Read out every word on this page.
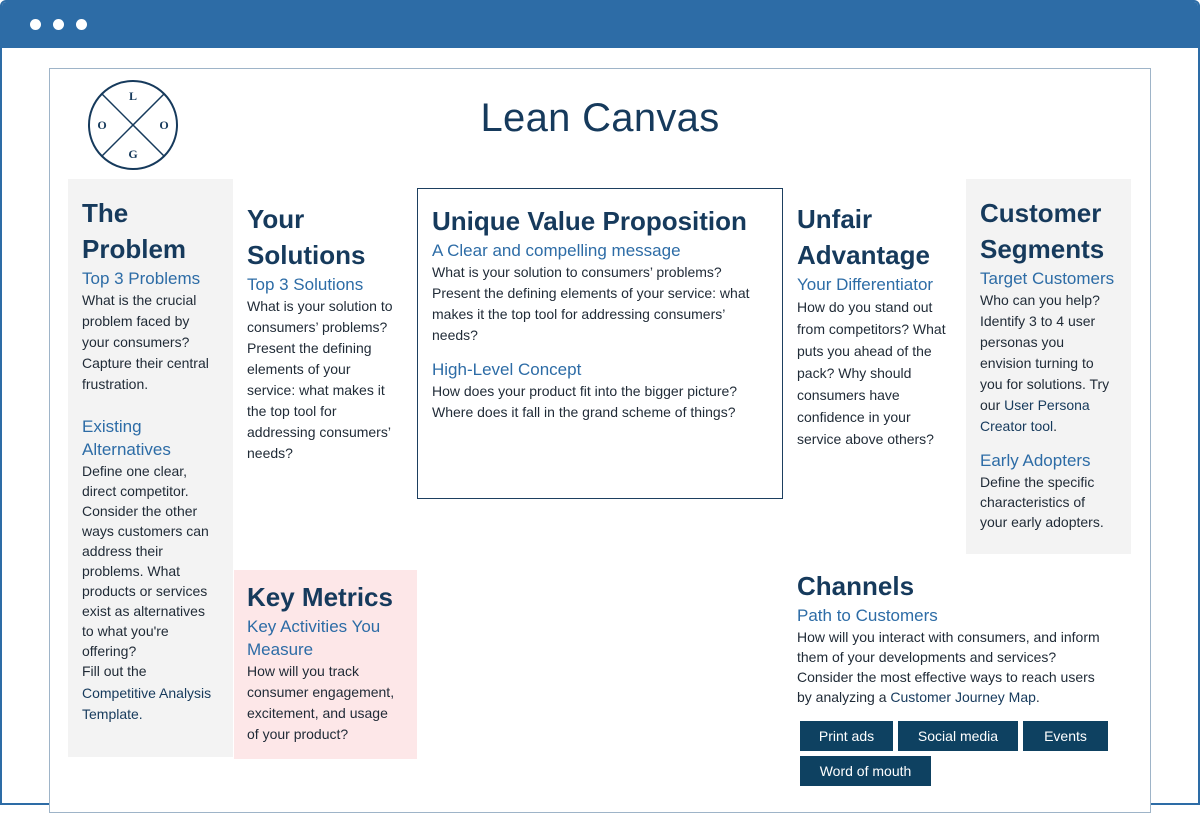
L
O	O
G
Lean Canvas
The
Problem
Top 3 Problems
What is the crucial
problem faced by
your consumers?
Capture their central
frustration.
Existing
Alternatives
Define one clear,
direct competitor.
Consider the other
ways customers can
address their
problems. What
products or services
exist as alternatives
to what you're
offering?
Fill out the
Competitive Analysis
Template.
Your
Solutions
Top 3 Solutions
What is your solution to
consumers’ problems?
Present the defining
elements of your
service: what makes it
the top tool for
addressing consumers’
needs?
Unique Value Proposition
A Clear and compelling message
What is your solution to consumers’ problems?
Present the defining elements of your service: what
makes it the top tool for addressing consumers’
needs?
High-Level Concept
How does your product fit into the bigger picture?
Where does it fall in the grand scheme of things?
Unfair
Advantage
Your Differentiator
How do you stand out
from competitors? What
puts you ahead of the
pack? Why should
consumers have
confidence in your
service above others?
Customer
Segments
Target Customers
Who can you help?
Identify 3 to 4 user
personas you
envision turning to
you for solutions. Try
our User Persona
Creator tool.
Early Adopters
Define the specific
characteristics of
your early adopters.
Key Metrics
Key Activities You
Measure
How will you track
consumer engagement,
excitement, and usage
of your product?
Channels
Path to Customers
How will you interact with consumers, and inform
them of your developments and services?
Consider the most effective ways to reach users
by analyzing a Customer Journey Map.
Print ads	Social media	Events
Word of mouth
